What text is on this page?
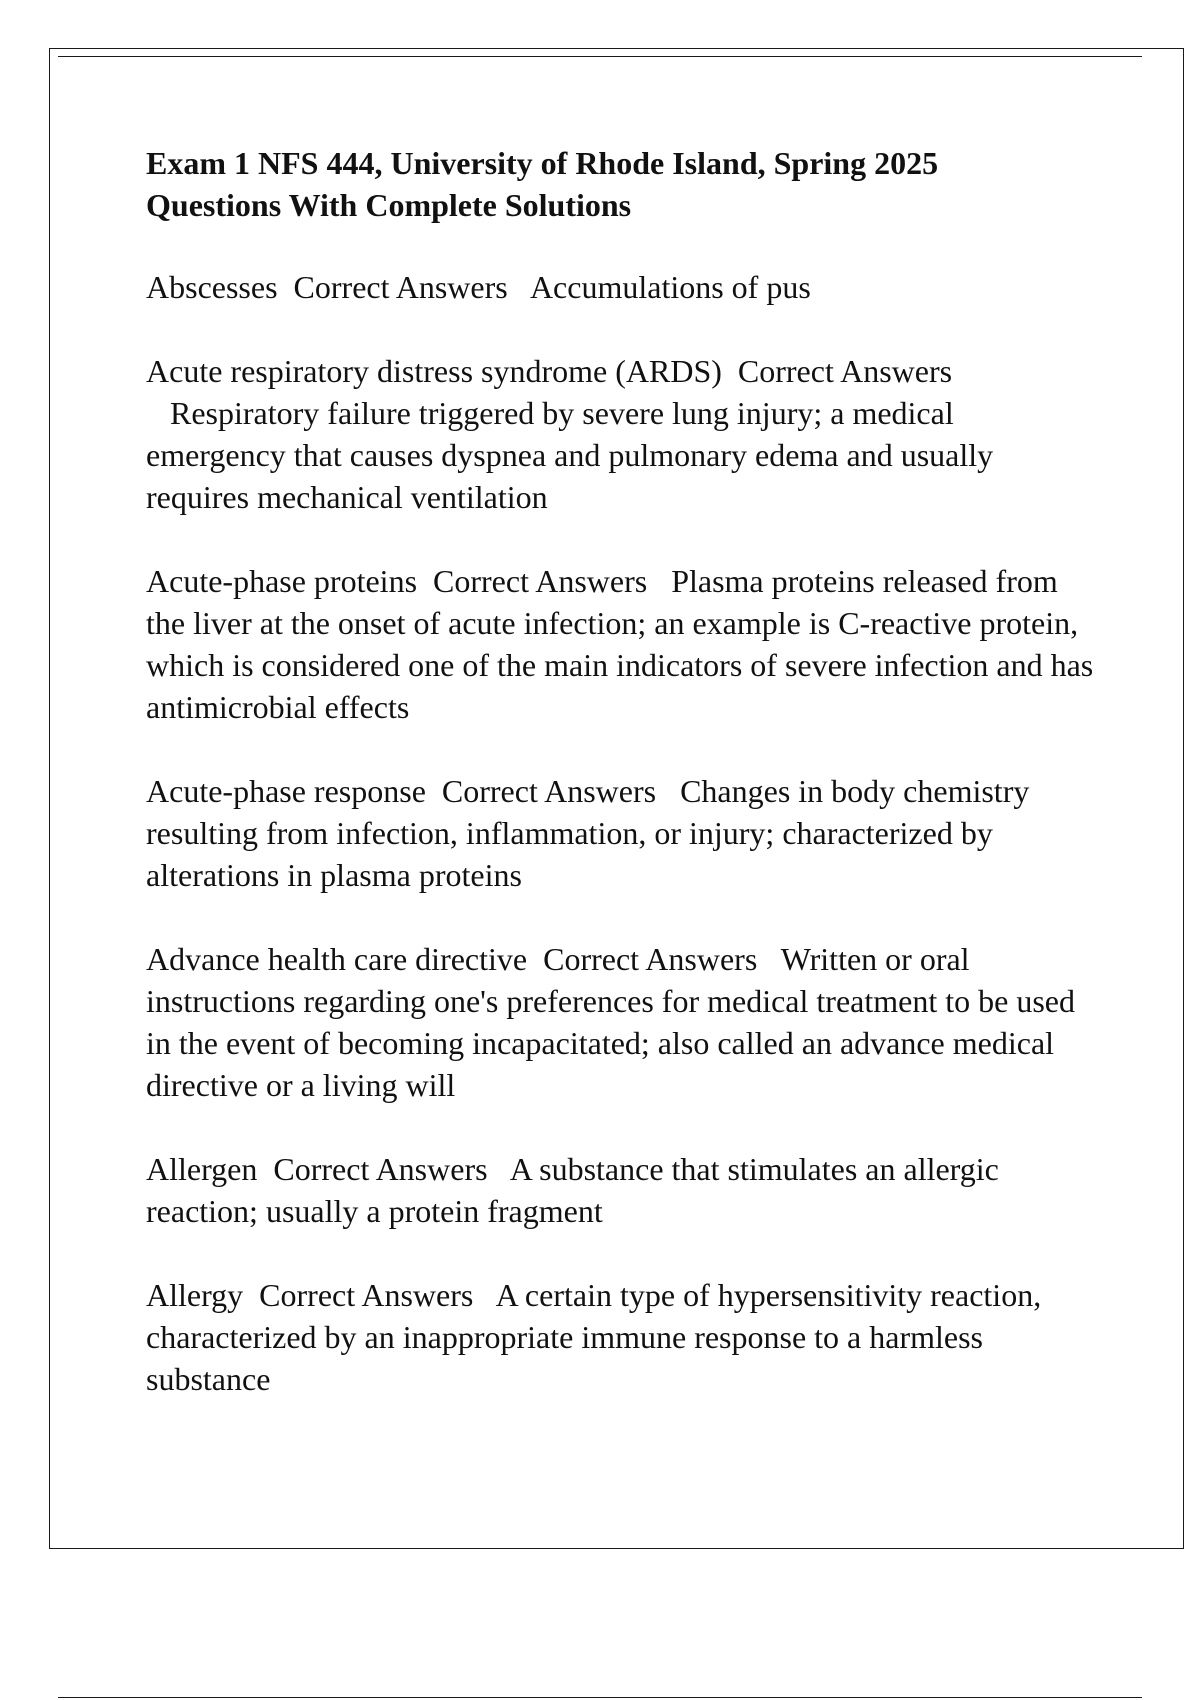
Exam 1 NFS 444, University of Rhode Island, Spring 2025
Questions With Complete Solutions

Abscesses Correct Answers Accumulations of pus

Acute respiratory distress syndrome (ARDS) Correct Answers   Respiratory failure triggered by severe lung injury; a medical emergency that causes dyspnea and pulmonary edema and usually requires mechanical ventilation

Acute-phase proteins Correct Answers Plasma proteins released from the liver at the onset of acute infection; an example is C-reactive protein, which is considered one of the main indicators of severe infection and has antimicrobial effects

Acute-phase response Correct Answers Changes in body chemistry resulting from infection, inflammation, or injury; characterized by alterations in plasma proteins

Advance health care directive Correct Answers Written or oral instructions regarding one's preferences for medical treatment to be used in the event of becoming incapacitated; also called an advance medical directive or a living will

Allergen Correct Answers A substance that stimulates an allergic reaction; usually a protein fragment

Allergy Correct Answers A certain type of hypersensitivity reaction, characterized by an inappropriate immune response to a harmless substance
